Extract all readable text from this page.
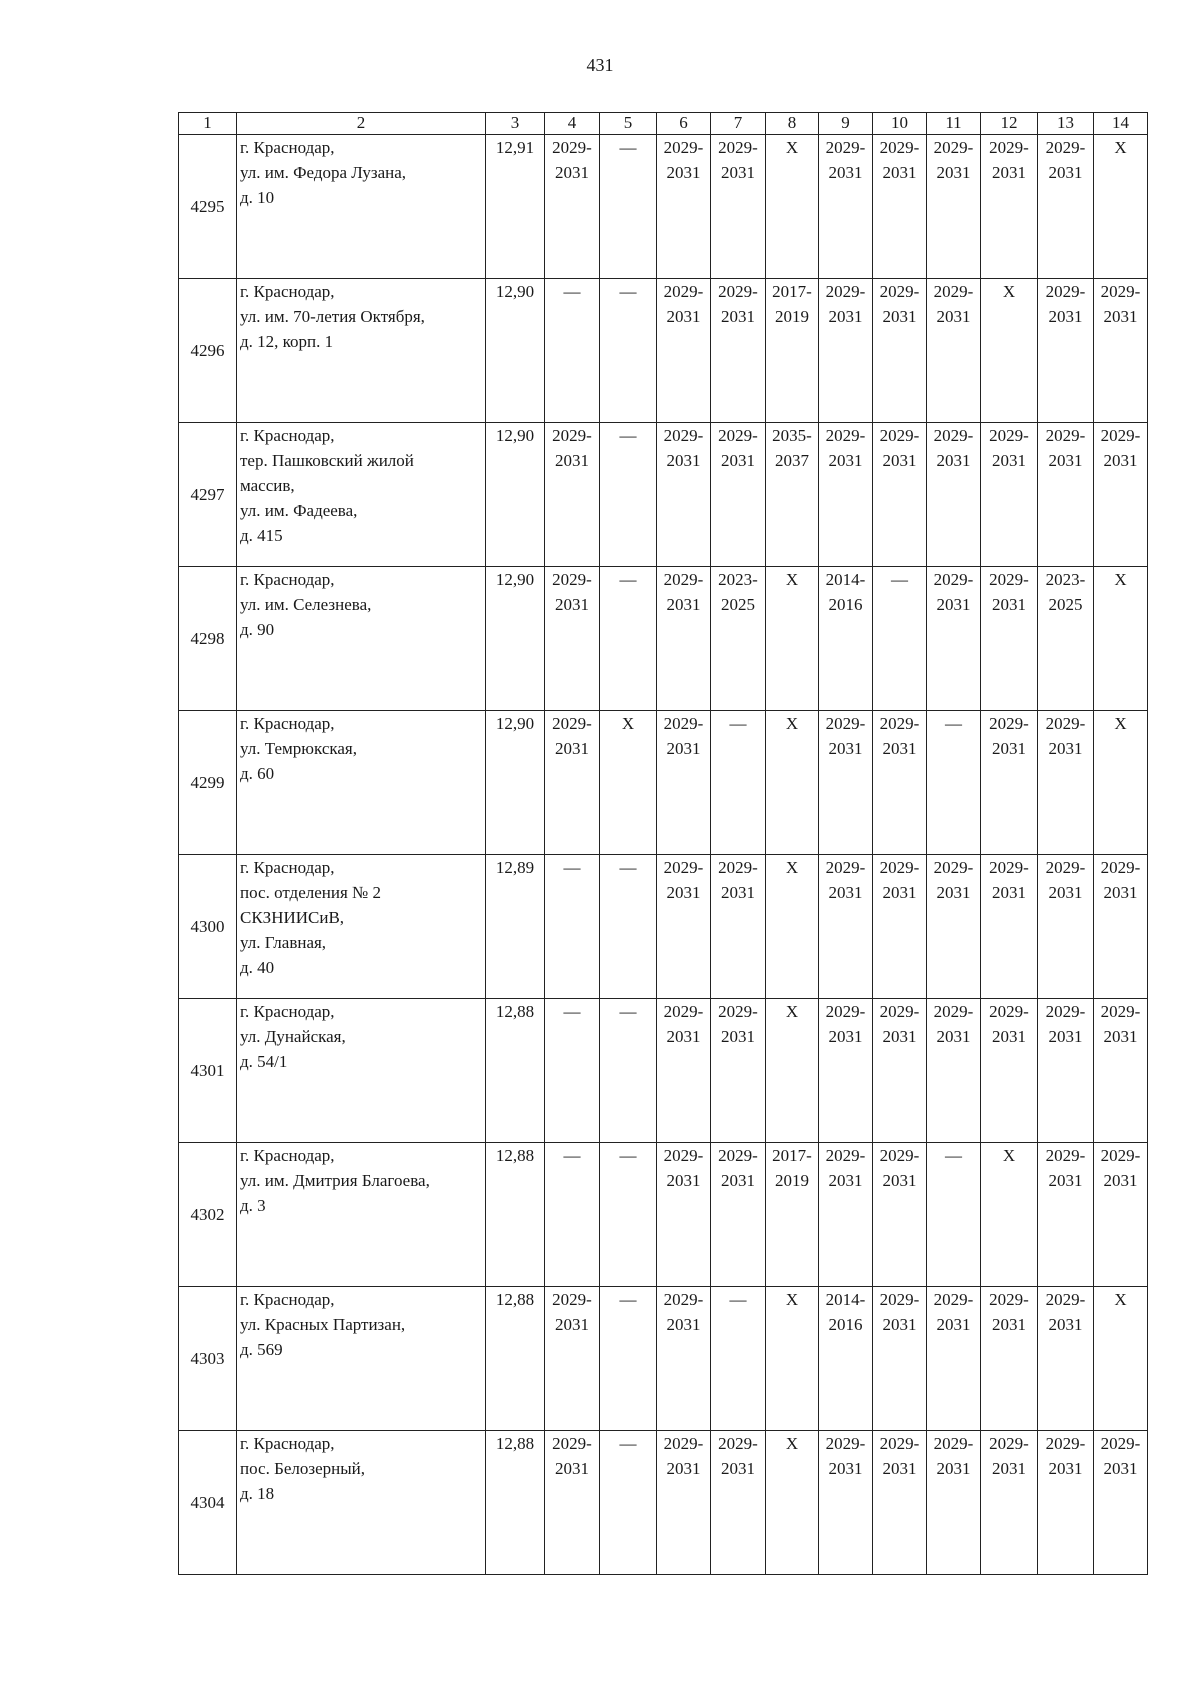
431
1	2	3	4	5	6	7	8	9	10	11	12	13	14
4295	г. Краснодар,
ул. им. Федора Лузана,
д. 10	12,91	2029-
2031	—	2029-
2031	2029-
2031	X	2029-
2031	2029-
2031	2029-
2031	2029-
2031	2029-
2031	X
4296	г. Краснодар,
ул. им. 70-летия Октября,
д. 12, корп. 1	12,90	—	—	2029-
2031	2029-
2031	2017-
2019	2029-
2031	2029-
2031	2029-
2031	X	2029-
2031	2029-
2031
4297	г. Краснодар,
тер. Пашковский жилой
массив,
ул. им. Фадеева,
д. 415	12,90	2029-
2031	—	2029-
2031	2029-
2031	2035-
2037	2029-
2031	2029-
2031	2029-
2031	2029-
2031	2029-
2031	2029-
2031
4298	г. Краснодар,
ул. им. Селезнева,
д. 90	12,90	2029-
2031	—	2029-
2031	2023-
2025	X	2014-
2016	—	2029-
2031	2029-
2031	2023-
2025	X
4299	г. Краснодар,
ул. Темрюкская,
д. 60	12,90	2029-
2031	X	2029-
2031	—	X	2029-
2031	2029-
2031	—	2029-
2031	2029-
2031	X
4300	г. Краснодар,
пос. отделения № 2
СКЗНИИСиВ,
ул. Главная,
д. 40	12,89	—	—	2029-
2031	2029-
2031	X	2029-
2031	2029-
2031	2029-
2031	2029-
2031	2029-
2031	2029-
2031
4301	г. Краснодар,
ул. Дунайская,
д. 54/1	12,88	—	—	2029-
2031	2029-
2031	X	2029-
2031	2029-
2031	2029-
2031	2029-
2031	2029-
2031	2029-
2031
4302	г. Краснодар,
ул. им. Дмитрия Благоева,
д. 3	12,88	—	—	2029-
2031	2029-
2031	2017-
2019	2029-
2031	2029-
2031	—	X	2029-
2031	2029-
2031
4303	г. Краснодар,
ул. Красных Партизан,
д. 569	12,88	2029-
2031	—	2029-
2031	—	X	2014-
2016	2029-
2031	2029-
2031	2029-
2031	2029-
2031	X
4304	г. Краснодар,
пос. Белозерный,
д. 18	12,88	2029-
2031	—	2029-
2031	2029-
2031	X	2029-
2031	2029-
2031	2029-
2031	2029-
2031	2029-
2031	2029-
2031
